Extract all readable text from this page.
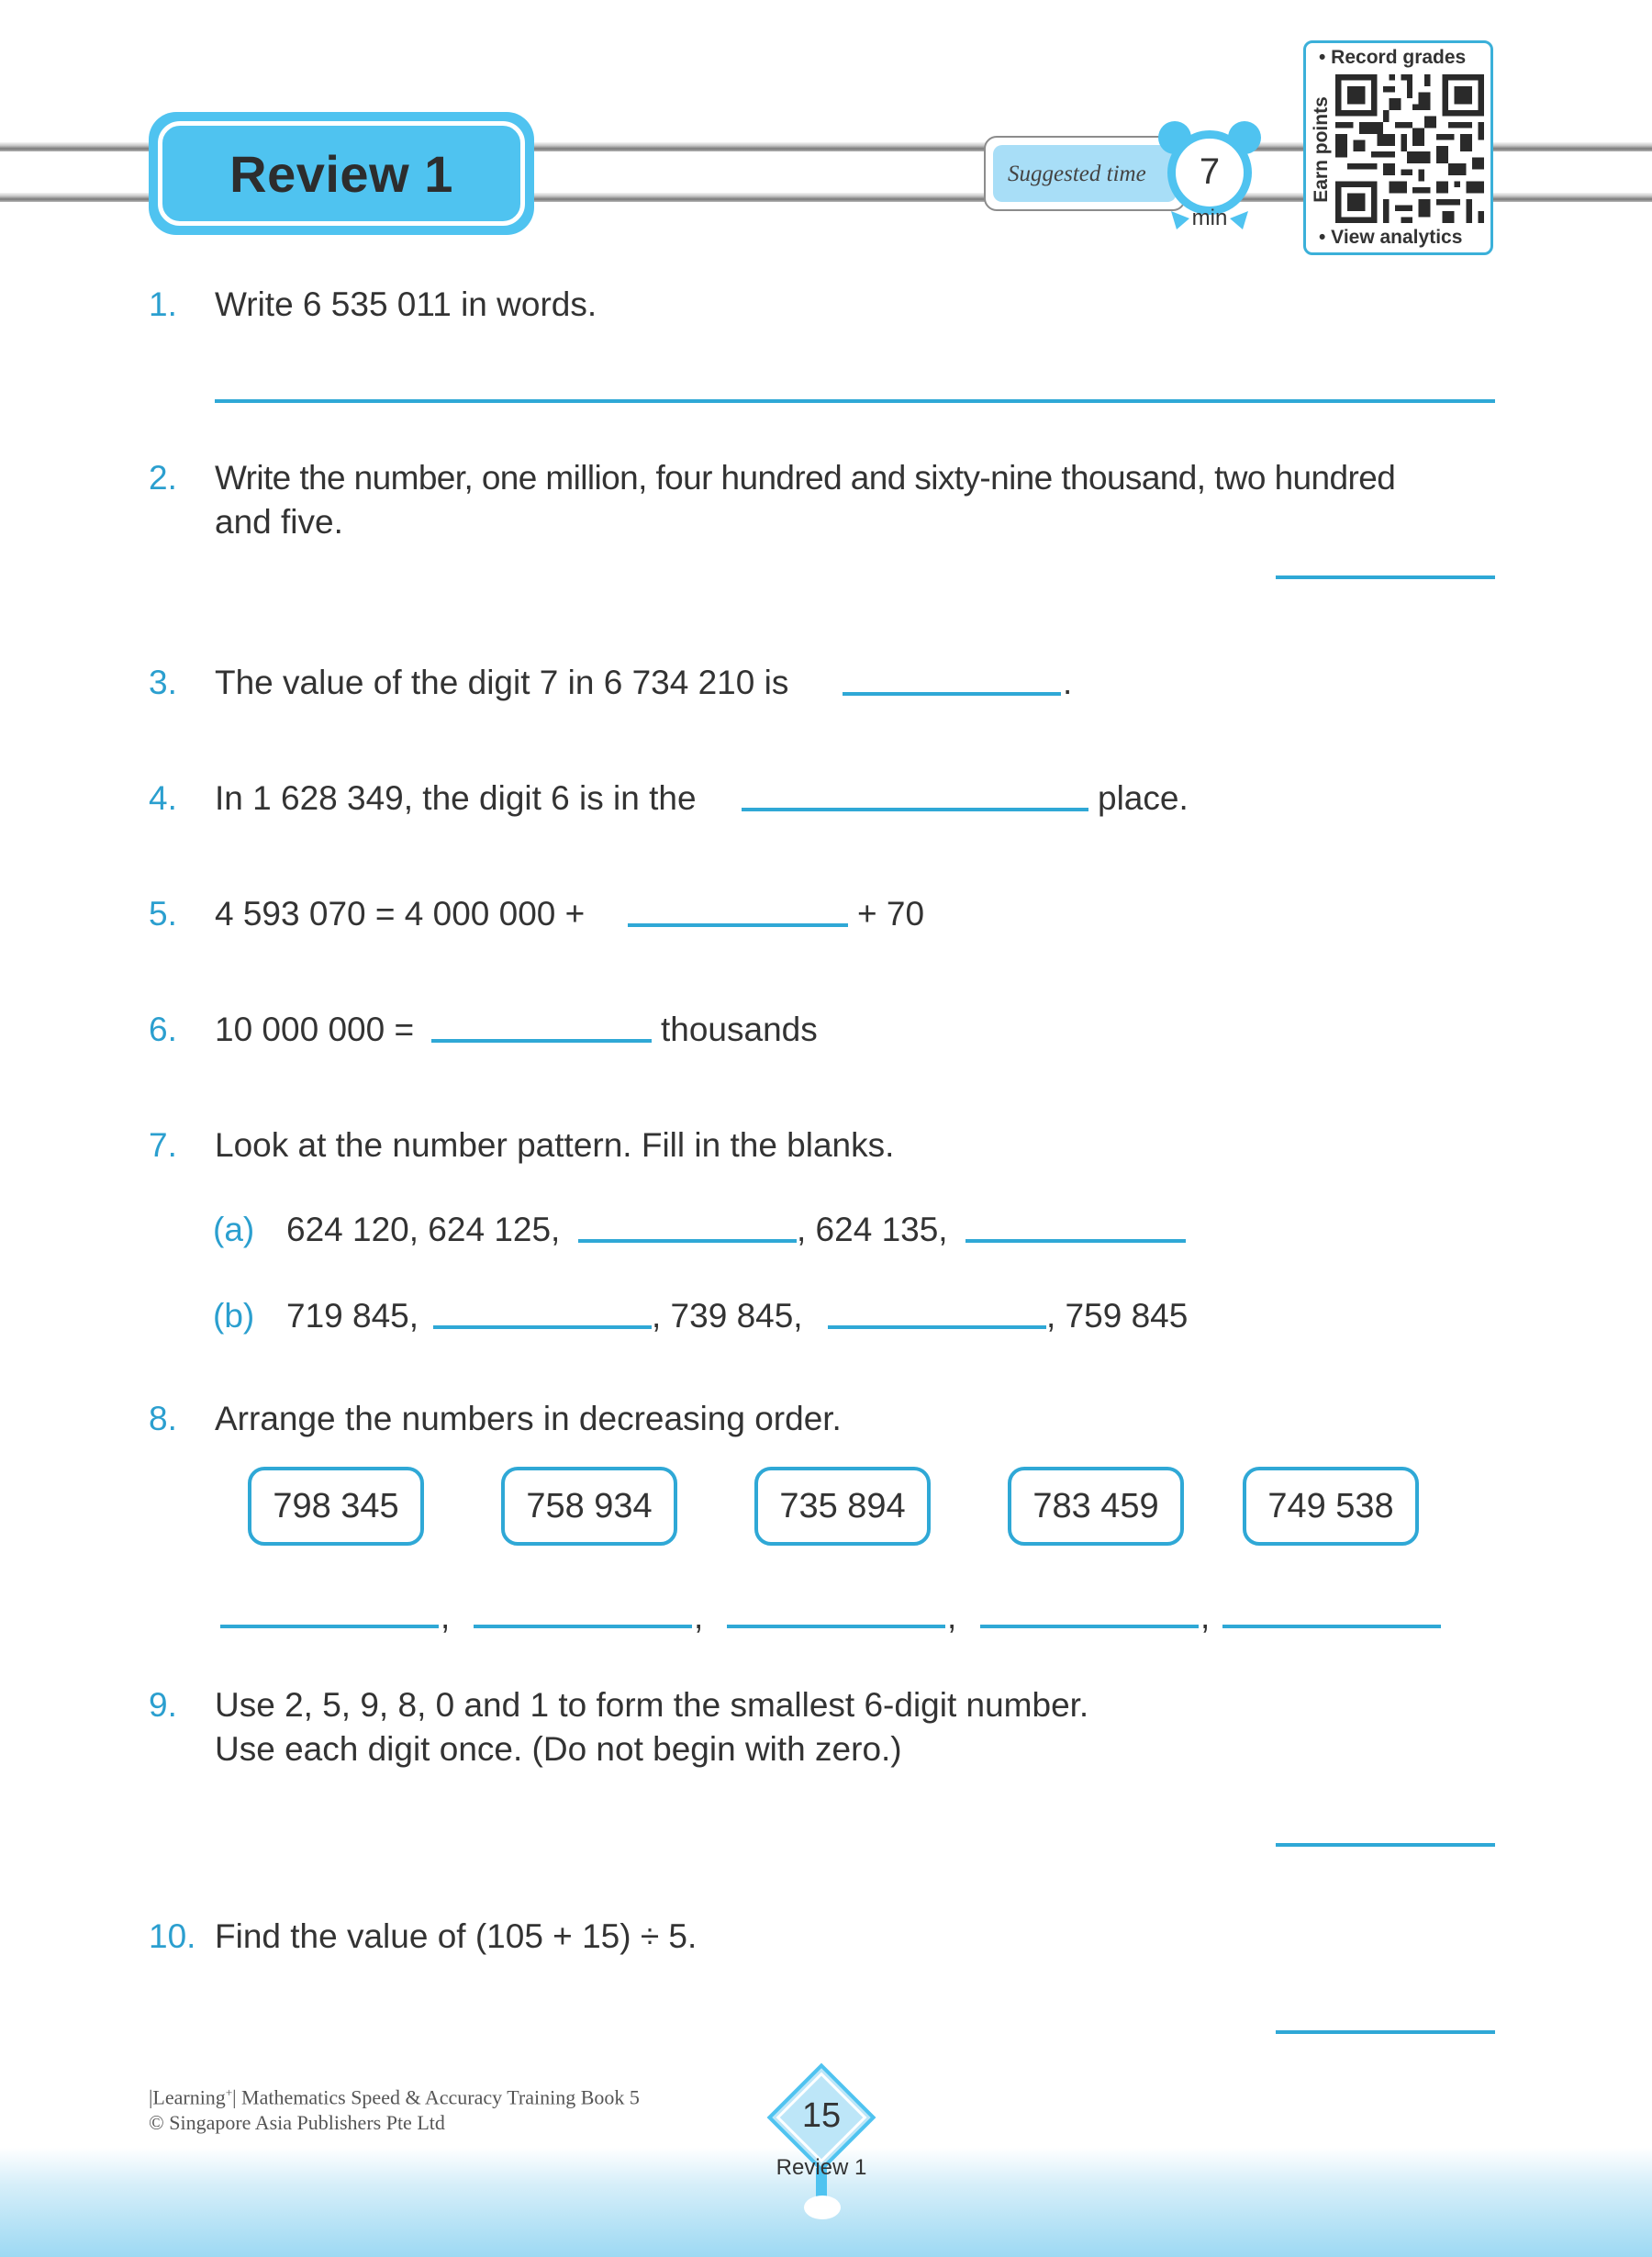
Review 1	Suggested time	7
min
• Record grades
Earn points
• View analytics
1. Write 6 535 011 in words.
2. Write the number, one million, four hundred and sixty-nine thousand, two hundred
and five.
3. The value of the digit 7 in 6 734 210 is	.
4. In 1 628 349, the digit 6 is in the	place.
5. 4 593 070 = 4 000 000 +	+ 70
6. 10 000 000 =	thousands
7. Look at the number pattern. Fill in the blanks.
(a) 624 120, 624 125,	, 624 135,
(b) 719 845,	, 739 845,	, 759 845
8. Arrange the numbers in decreasing order.
798 345	758 934	735 894	783 459	749 538
,	,	,	,
9. Use 2, 5, 9, 8, 0 and 1 to form the smallest 6-digit number.
Use each digit once. (Do not begin with zero.)
10. Find the value of (105 + 15) ÷ 5.
|Learning+| Mathematics Speed & Accuracy Training Book 5
© Singapore Asia Publishers Pte Ltd	15
Review 1
